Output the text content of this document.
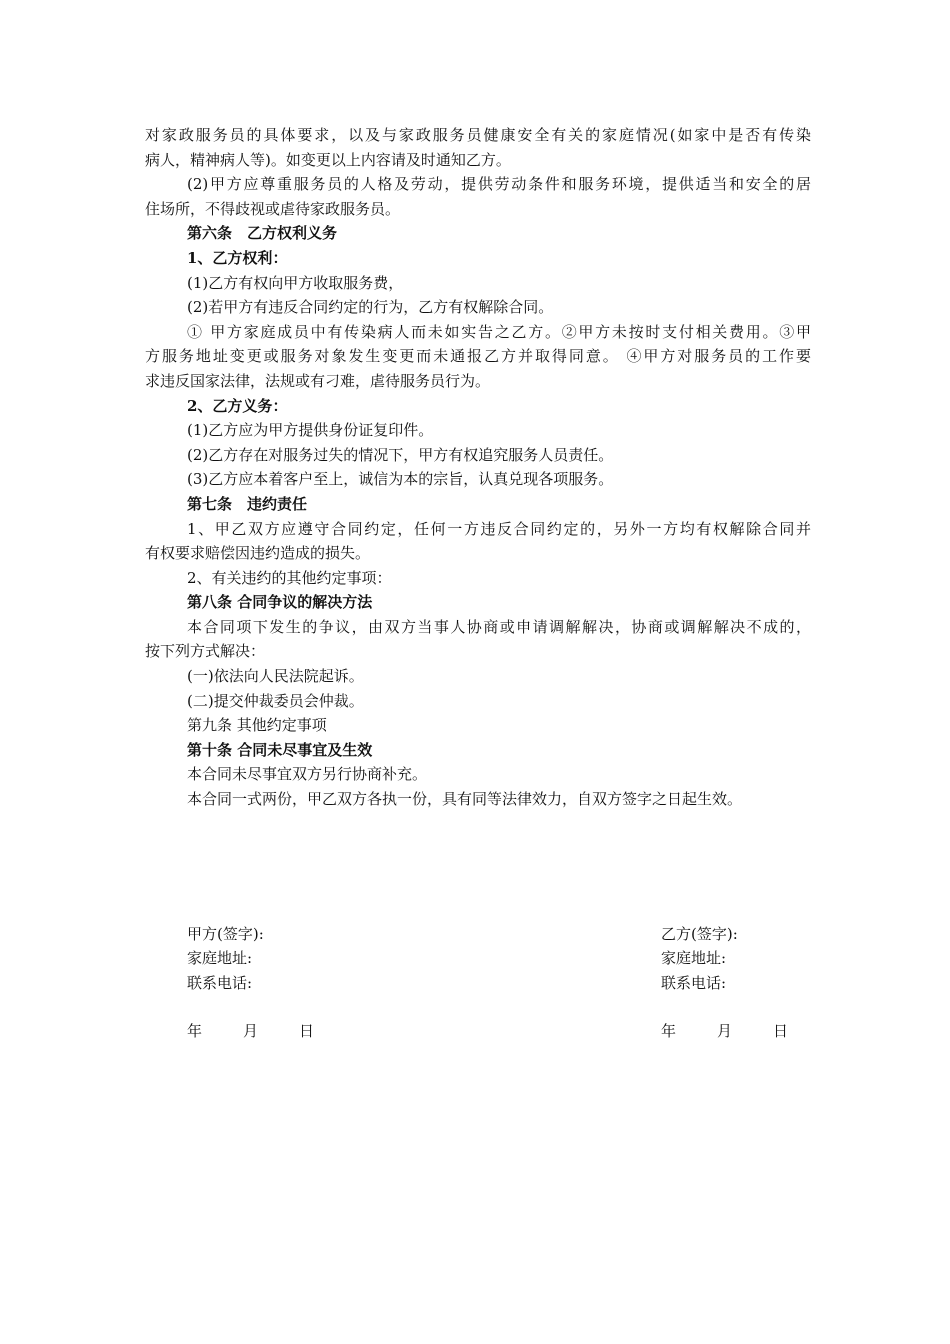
对家政服务员的具体要求，以及与家政服务员健康安全有关的家庭情况(如家中是否有传染
病人，精神病人等)。如变更以上内容请及时通知乙方。
(2)甲方应尊重服务员的人格及劳动，提供劳动条件和服务环境，提供适当和安全的居
住场所，不得歧视或虐待家政服务员。
第六条　乙方权利义务
1、乙方权利：
(1)乙方有权向甲方收取服务费，
(2)若甲方有违反合同约定的行为，乙方有权解除合同。
① 甲方家庭成员中有传染病人而未如实告之乙方。②甲方未按时支付相关费用。③甲
方服务地址变更或服务对象发生变更而未通报乙方并取得同意。 ④甲方对服务员的工作要
求违反国家法律，法规或有刁难，虐待服务员行为。
2、乙方义务：
(1)乙方应为甲方提供身份证复印件。
(2)乙方存在对服务过失的情况下，甲方有权追究服务人员责任。
(3)乙方应本着客户至上，诚信为本的宗旨，认真兑现各项服务。
第七条　违约责任
1、甲乙双方应遵守合同约定，任何一方违反合同约定的，另外一方均有权解除合同并
有权要求赔偿因违约造成的损失。
2、有关违约的其他约定事项：
第八条 合同争议的解决方法
本合同项下发生的争议，由双方当事人协商或申请调解解决，协商或调解解决不成的，
按下列方式解决：
(一)依法向人民法院起诉。
(二)提交仲裁委员会仲裁。
第九条 其他约定事项
第十条 合同未尽事宜及生效
本合同未尽事宜双方另行协商补充。
本合同一式两份，甲乙双方各执一份，具有同等法律效力，自双方签字之日起生效。
甲方(签字):
家庭地址:
联系电话:
年	月	日
乙方(签字):
家庭地址:
联系电话:
年	月	日
